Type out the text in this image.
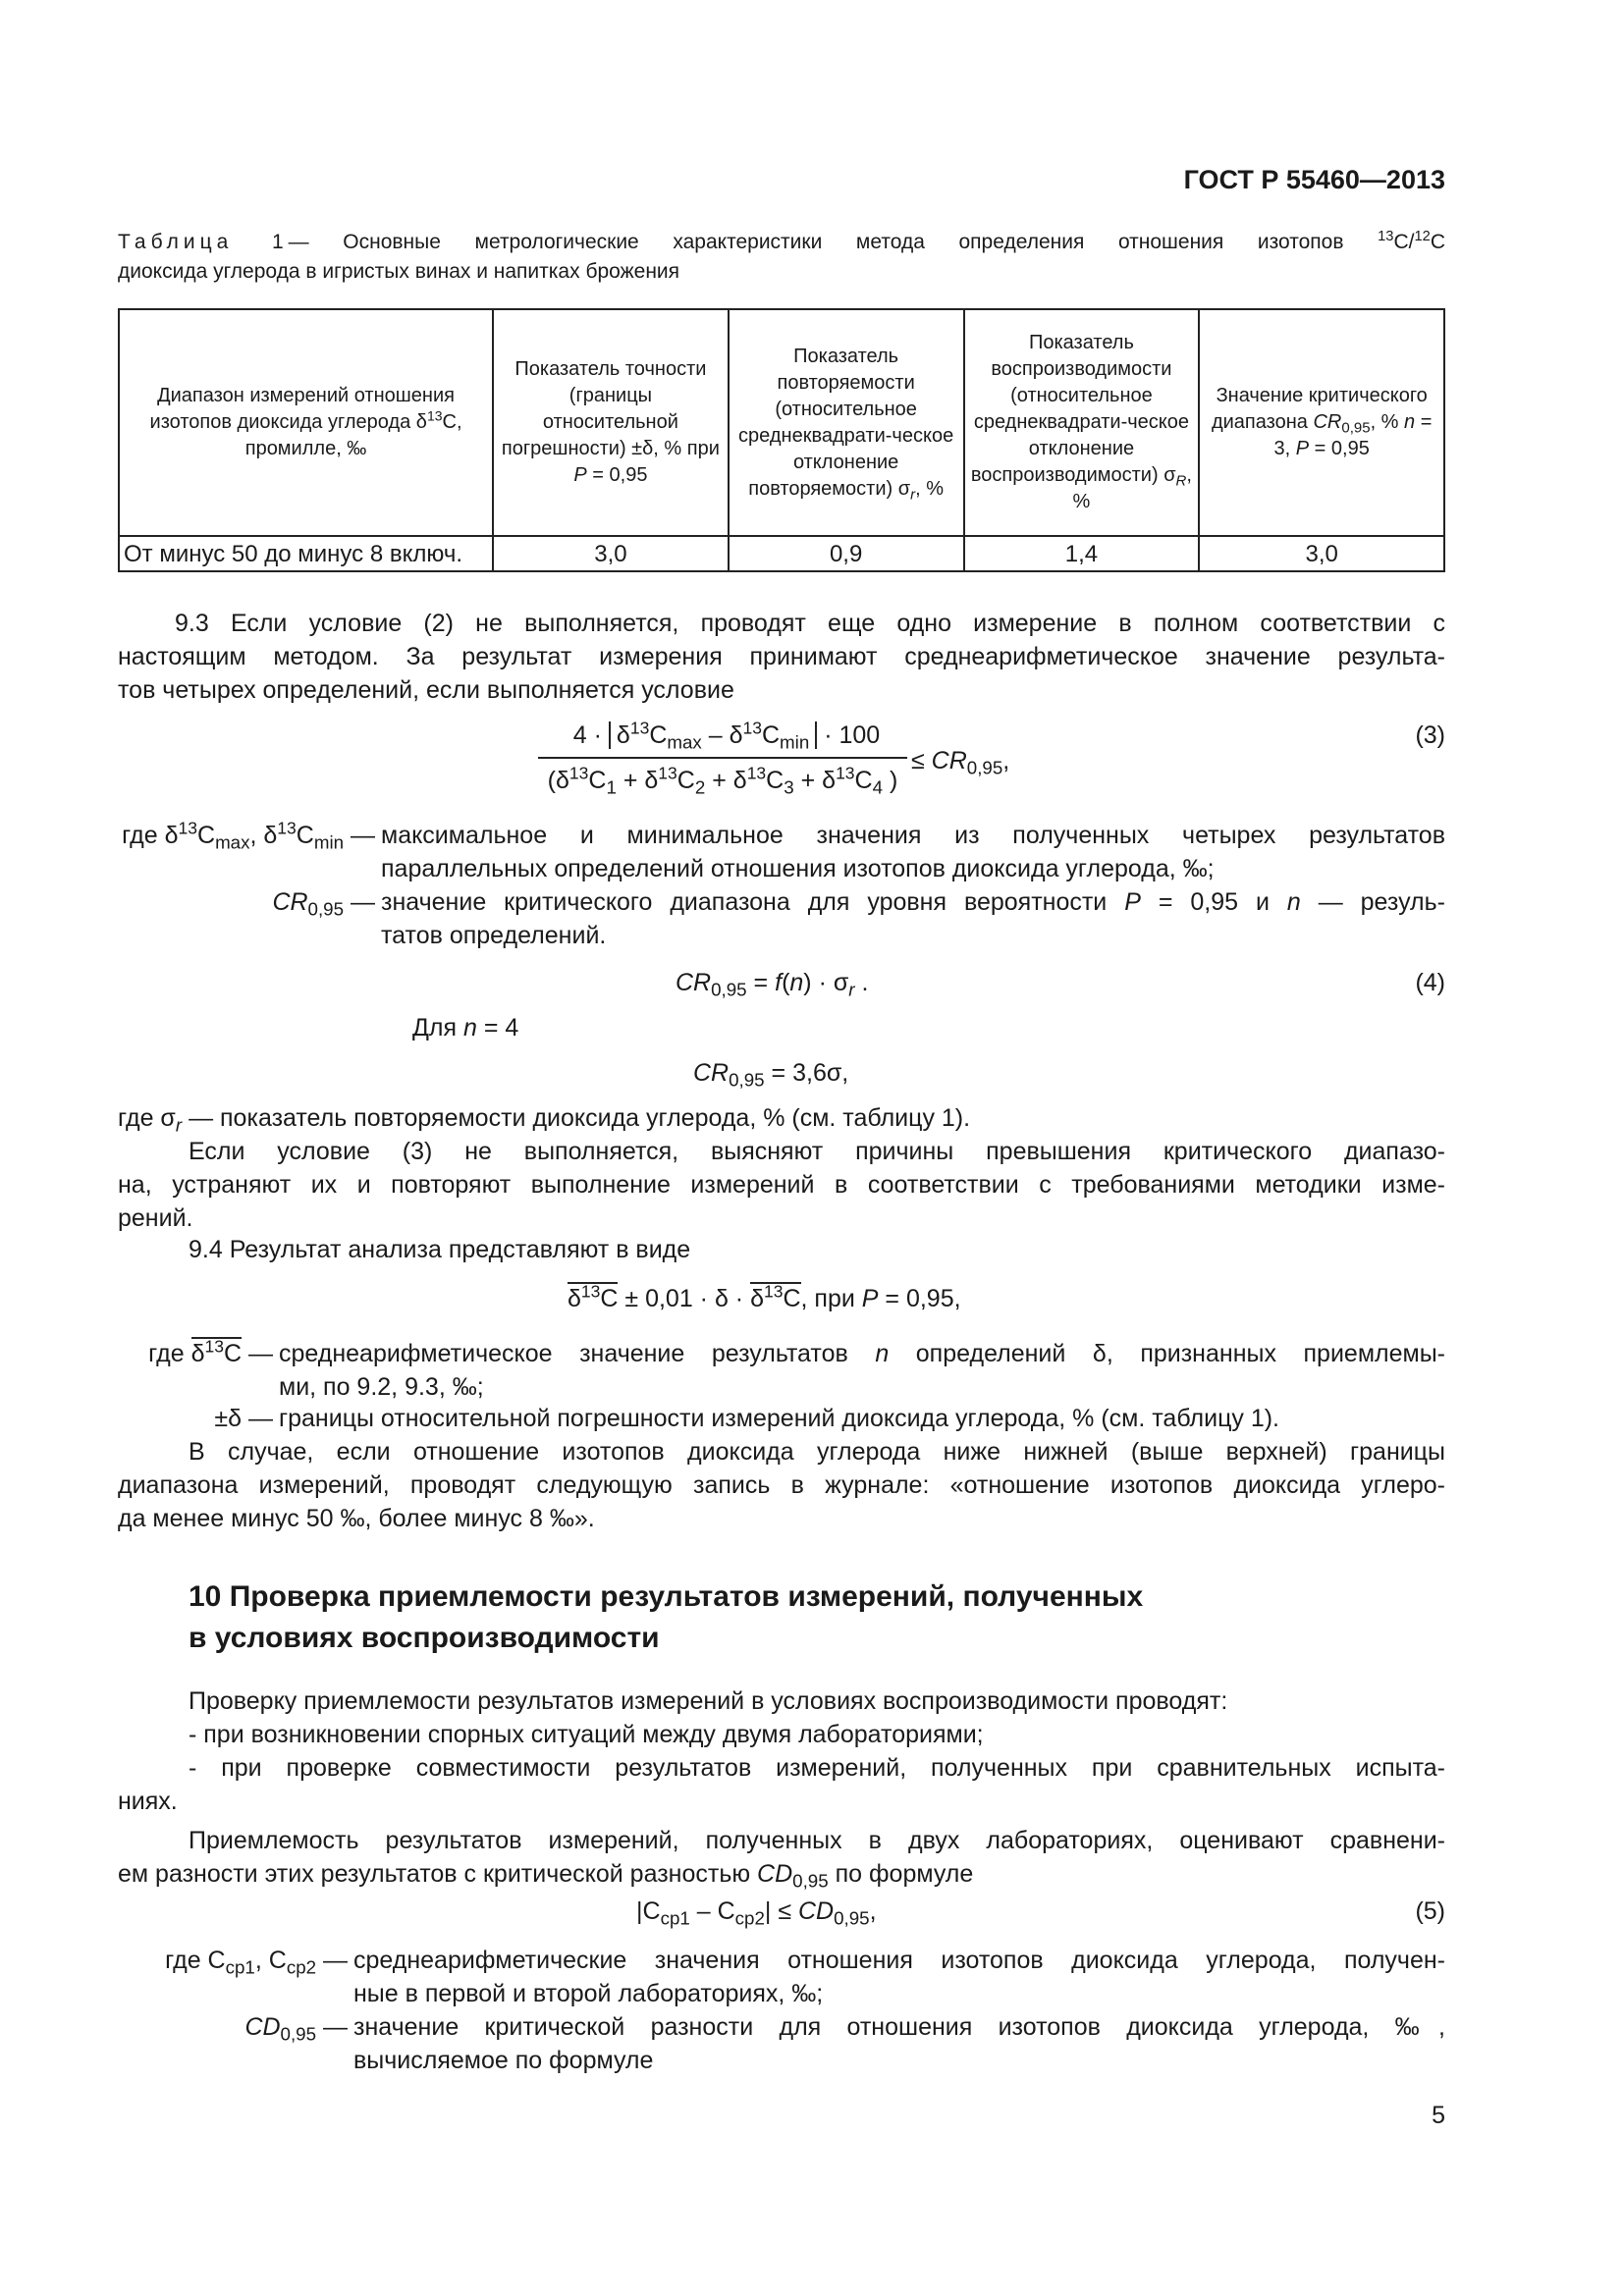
ГОСТ Р 55460—2013
Таблица 1— Основные метрологические характеристики метода определения отношения изотопов $^{13}$C/$^{12}$C
диоксида углерода в игристых винах и напитках брожения
Диапазон измерений отношения изотопов диоксида углерода $\delta^{13}С$, промилле, ‰	Показатель точности (границы относительной погрешности) ±δ, % при P = 0,95	Показатель повторяемости (относительное среднеквадрати-ческое отклонение повторяемости) $\sigma_r$, %	Показатель воспроизводимости (относительное среднеквадрати-ческое отклонение воспроизводимости) $\sigma_R$, %	Значение критического диапазона $CR_{0,95}$, % n = 3, P = 0,95
От минус 50 до минус 8 включ.	3,0	0,9	1,4	3,0
9.3 Если условие (2) не выполняется, проводят еще одно измерение в полном соответствии с
настоящим методом. За результат измерения принимают среднеарифметическое значение результа-
тов четырех определений, если выполняется условие
$4 \cdot \delta^{13}C_{max} - \delta^{13}C_{min} \cdot 100$
($\delta^{13}C_1 + \delta^{13}C_2 + \delta^{13}C_3 + \delta^{13}C_4$ )
≤ $CR_{0,95}$,
(3)
где $\delta^{13}C_{max}$, $\delta^{13}C_{min}$ — максимальное и минимальное значения из полученных четырех результатов
параллельных определений отношения изотопов диоксида углерода, ‰;
$CR_{0,95}$ — значение критического диапазона для уровня вероятности P = 0,95 и n — резуль-
татов определений.
$CR_{0,95} = f(n) \cdot \sigma_r$ .	(4)
Для n = 4
$CR_{0,95} = 3,6\sigma$,
где $\sigma_r$ — показатель повторяемости диоксида углерода, % (см. таблицу 1).
Если условие (3) не выполняется, выясняют причины превышения критического диапазо-
на, устраняют их и повторяют выполнение измерений в соответствии с требованиями методики изме-
рений.
9.4 Результат анализа представляют в виде
$\delta^{13}C \pm 0,01 \cdot \delta \cdot \delta^{13}C$, при P = 0,95,
где $\delta^{13}C$ — среднеарифметическое значение результатов n определений δ, признанных приемлемы-
ми, по 9.2, 9.3, ‰;
±δ — границы относительной погрешности измерений диоксида углерода, % (см. таблицу 1).
В случае, если отношение изотопов диоксида углерода ниже нижней (выше верхней) границы
диапазона измерений, проводят следующую запись в журнале: «отношение изотопов диоксида углеро-
да менее минус 50 ‰, более минус 8 ‰».
10 Проверка приемлемости результатов измерений, полученных
в условиях воспроизводимости
Проверку приемлемости результатов измерений в условиях воспроизводимости проводят:
- при возникновении спорных ситуаций между двумя лабораториями;
- при проверке совместимости результатов измерений, полученных при сравнительных испыта-
ниях.
Приемлемость результатов измерений, полученных в двух лабораториях, оценивают сравнени-
ем разности этих результатов с критической разностью $CD_{0,95}$ по формуле
$|C_{ср1} - C_{ср2}| \le CD_{0,95}$,	(5)
где $C_{ср1}$, $C_{ср2}$ — среднеарифметические значения отношения изотопов диоксида углерода, получен-
ные в первой и второй лабораториях, ‰;
$CD_{0,95}$ — значение критической разности для отношения изотопов диоксида углерода, ‰,
вычисляемое по формуле
5
